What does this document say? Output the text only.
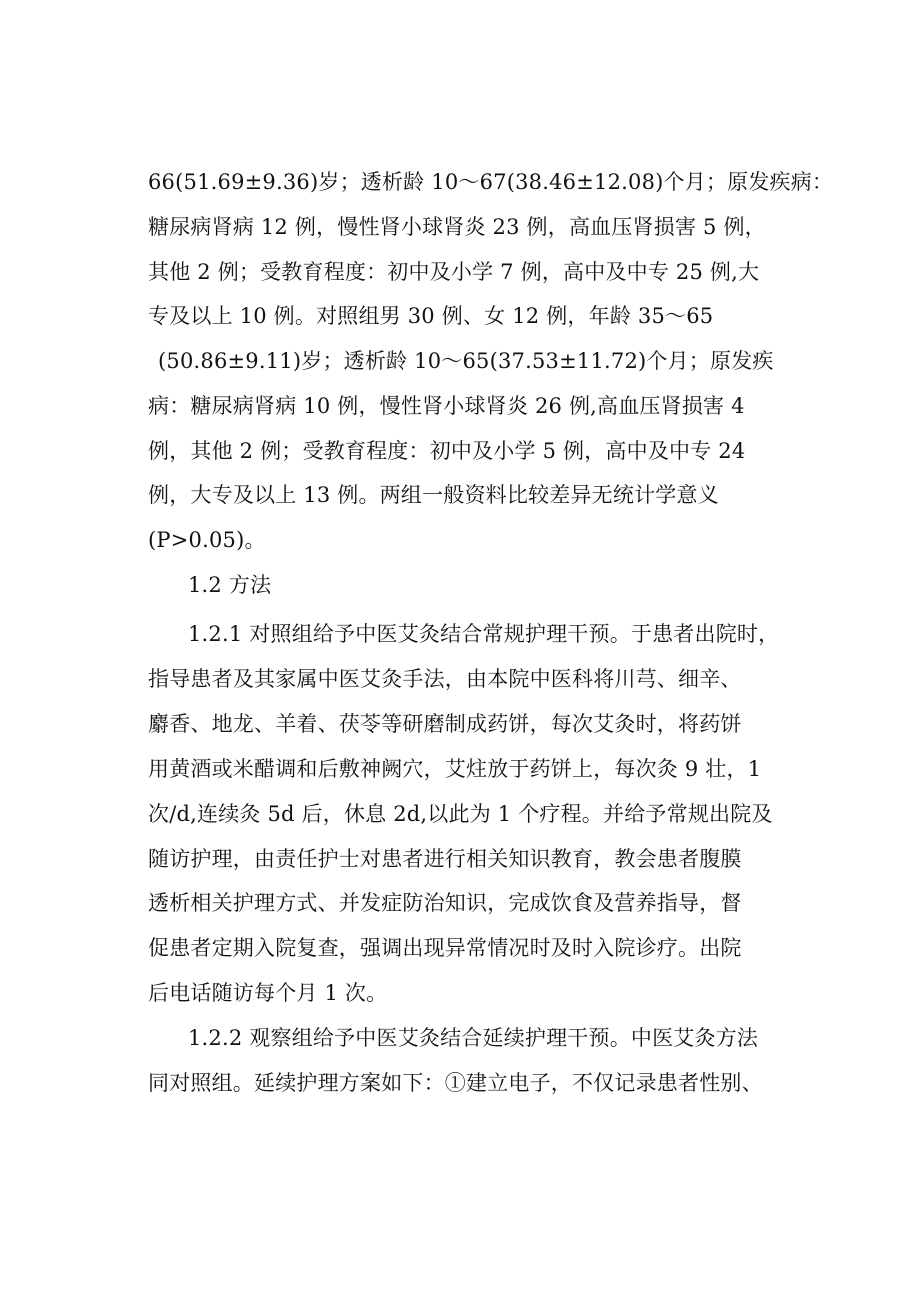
66(51.69±9.36)岁；透析龄 10～67(38.46±12.08)个月；原发疾病：

糖尿病肾病 12 例，慢性肾小球肾炎 23 例，高血压肾损害 5 例，

其他 2 例；受教育程度：初中及小学 7 例，高中及中专 25 例,大

专及以上 10 例。对照组男 30 例、女 12 例，年龄 35～65

(50.86±9.11)岁；透析龄 10～65(37.53±11.72)个月；原发疾

病：糖尿病肾病 10 例，慢性肾小球肾炎 26 例,高血压肾损害 4

例，其他 2 例；受教育程度：初中及小学 5 例，高中及中专 24

例，大专及以上 13 例。两组一般资料比较差异无统计学意义

(P>0.05)。

1.2 方法

1.2.1 对照组给予中医艾灸结合常规护理干预。于患者出院时，

指导患者及其家属中医艾灸手法，由本院中医科将川芎、细辛、

麝香、地龙、羊着、茯苓等研磨制成药饼，每次艾灸时，将药饼

用黄酒或米醋调和后敷神阙穴，艾炷放于药饼上，每次灸 9 壮，1

次/d,连续灸 5d 后，休息 2d,以此为 1 个疗程。并给予常规出院及

随访护理，由责任护士对患者进行相关知识教育，教会患者腹膜

透析相关护理方式、并发症防治知识，完成饮食及营养指导，督

促患者定期入院复查，强调出现异常情况时及时入院诊疗。出院

后电话随访每个月 1 次。

1.2.2 观察组给予中医艾灸结合延续护理干预。中医艾灸方法

同对照组。延续护理方案如下：①建立电子，不仅记录患者性别、
